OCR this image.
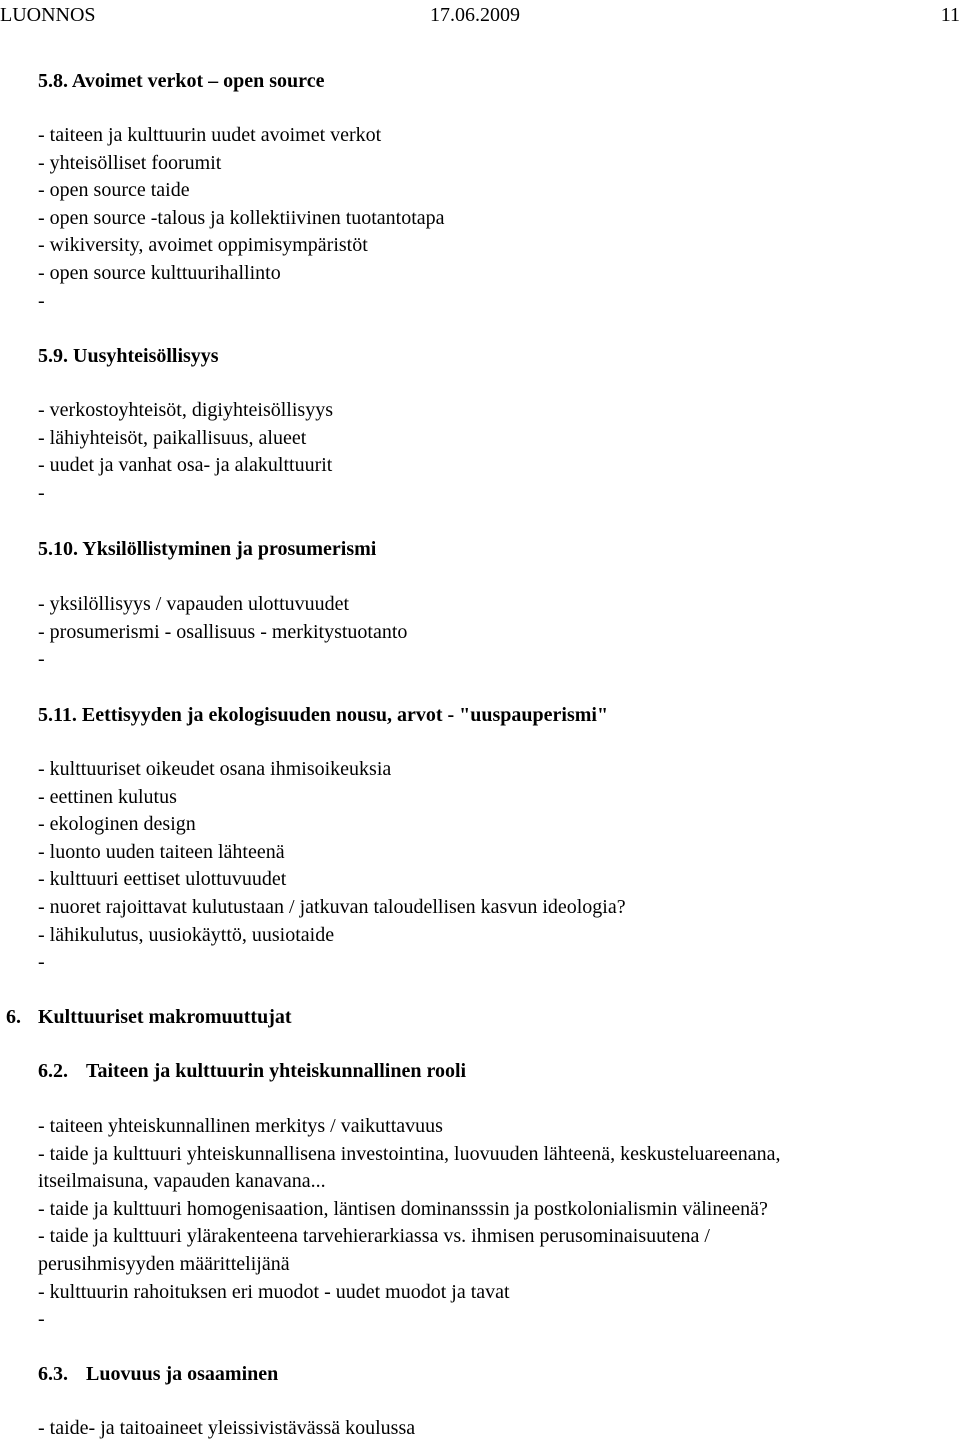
LUONNOS	17.06.2009	11
5.8. Avoimet verkot – open source
- taiteen ja kulttuurin uudet avoimet verkot
- yhteisölliset foorumit
- open source taide
- open source -talous ja kollektiivinen tuotantotapa
- wikiversity, avoimet oppimisympäristöt
- open source kulttuurihallinto
-
5.9. Uusyhteisöllisyys
- verkostoyhteisöt, digiyhteisöllisyys
- lähiyhteisöt, paikallisuus, alueet
- uudet ja vanhat osa- ja alakulttuurit
-
5.10. Yksilöllistyminen ja prosumerismi
- yksilöllisyys / vapauden ulottuvuudet
- prosumerismi - osallisuus - merkitystuotanto
-
5.11. Eettisyyden ja ekologisuuden nousu, arvot - "uuspauperismi"
- kulttuuriset oikeudet osana ihmisoikeuksia
- eettinen kulutus
- ekologinen design
- luonto uuden taiteen lähteenä
- kulttuuri eettiset ulottuvuudet
- nuoret rajoittavat kulutustaan / jatkuvan taloudellisen kasvun ideologia?
- lähikulutus, uusiokäyttö, uusiotaide
-
6. Kulttuuriset makromuuttujat
6.2. Taiteen ja kulttuurin yhteiskunnallinen rooli
- taiteen yhteiskunnallinen merkitys / vaikuttavuus
- taide ja kulttuuri yhteiskunnallisena investointina, luovuuden lähteenä, keskusteluareenana,
itseilmaisuna, vapauden kanavana...
- taide ja kulttuuri homogenisaation, läntisen dominansssin ja postkolonialismin välineenä?
- taide ja kulttuuri ylärakenteena tarvehierarkiassa vs. ihmisen perusominaisuutena /
perusihmisyyden määrittelijänä
- kulttuurin rahoituksen eri muodot - uudet muodot ja tavat
-
6.3. Luovuus ja osaaminen
- taide- ja taitoaineet yleissivistävässä koulussa
